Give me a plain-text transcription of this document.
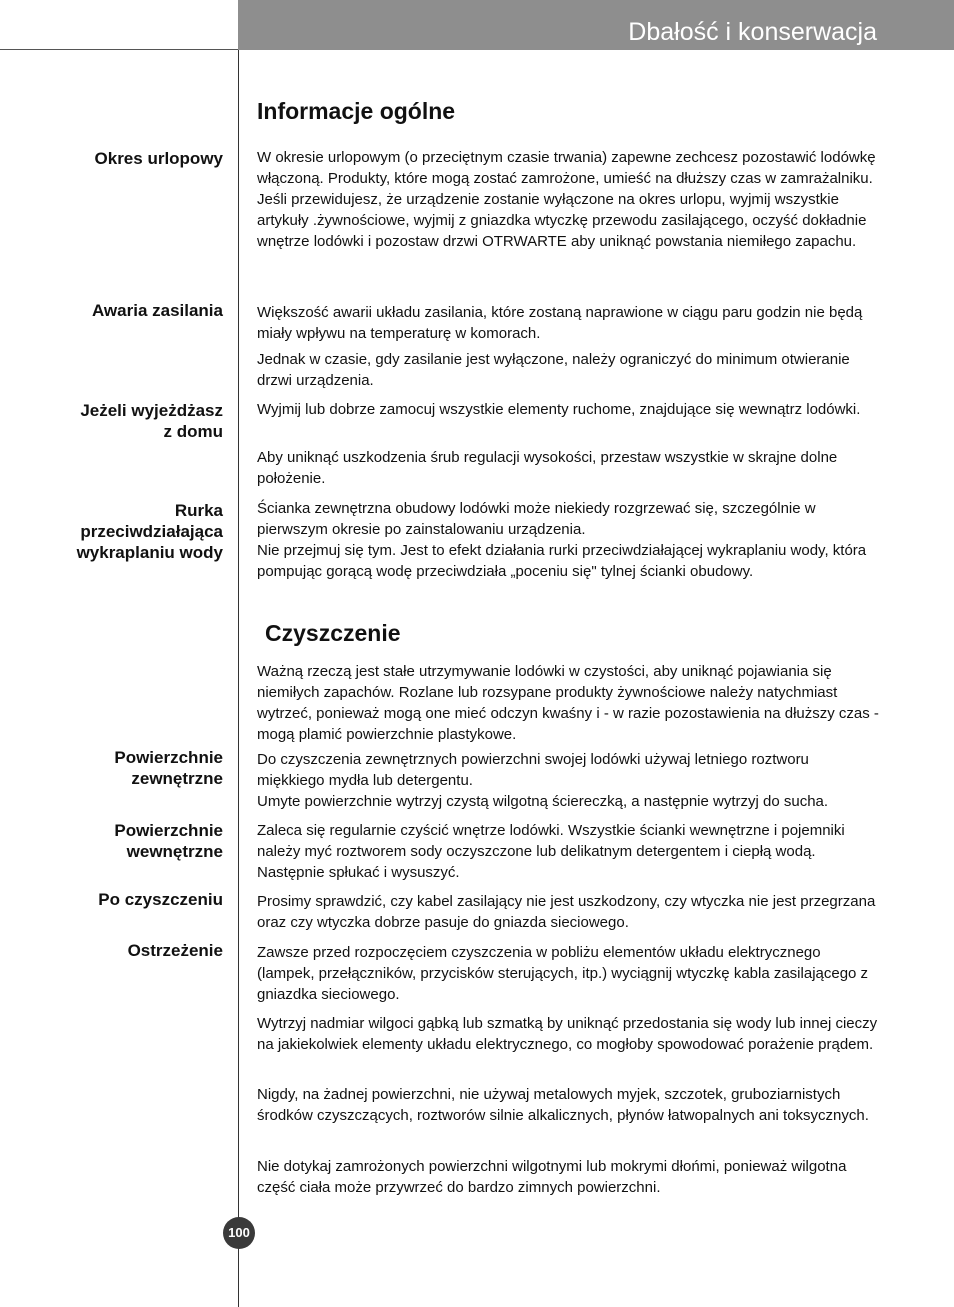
Dbałość i konserwacja
Informacje ogólne
Okres urlopowy W okresie urlopowym (o przeciętnym czasie trwania) zapewne zechcesz pozostawić lodówkę włączoną. Produkty, które mogą zostać zamrożone, umieść na dłuższy czas w zamrażalniku.
Jeśli przewidujesz, że urządzenie zostanie wyłączone na okres urlopu, wyjmij wszystkie artykuły .żywnościowe, wyjmij z gniazdka wtyczkę przewodu zasilającego, oczyść dokładnie wnętrze lodówki i pozostaw drzwi OTRWARTE aby uniknąć powstania niemiłego zapachu.
Awaria zasilania Większość awarii układu zasilania, które zostaną naprawione w ciągu paru godzin nie będą miały wpływu na temperaturę w komorach.
Jednak w czasie, gdy zasilanie jest wyłączone, należy ograniczyć do minimum otwieranie drzwi urządzenia.
Jeżeli wyjeżdżasz
z domu
Wyjmij lub dobrze zamocuj wszystkie elementy ruchome, znajdujące się wewnątrz lodówki.
Aby uniknąć uszkodzenia śrub regulacji wysokości, przestaw wszystkie w skrajne dolne położenie.
Rurka
przeciwdziałająca
wykraplaniu wody
Ścianka zewnętrzna obudowy lodówki może niekiedy rozgrzewać się, szczególnie w pierwszym okresie po zainstalowaniu urządzenia.
Nie przejmuj się tym. Jest to efekt działania rurki przeciwdziałającej wykraplaniu wody, która pompując gorącą wodę przeciwdziała „poceniu się" tylnej ścianki obudowy.
Czyszczenie
Ważną rzeczą jest stałe utrzymywanie lodówki w czystości, aby uniknąć pojawiania się niemiłych zapachów. Rozlane lub rozsypane produkty żywnościowe należy natychmiast wytrzeć, ponieważ mogą one mieć odczyn kwaśny i ‑ w razie pozostawienia na dłuższy czas ‑ mogą plamić powierzchnie plastykowe.
Powierzchnie
zewnętrzne
Do czyszczenia zewnętrznych powierzchni swojej lodówki używaj letniego roztworu miękkiego mydła lub detergentu.
Umyte powierzchnie wytrzyj czystą wilgotną ściereczką, a następnie wytrzyj do sucha.
Powierzchnie
wewnętrzne
Zaleca się regularnie czyścić wnętrze lodówki. Wszystkie ścianki wewnętrzne i pojemniki należy myć roztworem sody oczyszczone lub delikatnym detergentem i ciepłą wodą. Następnie spłukać i wysuszyć.
Po czyszczeniu Prosimy sprawdzić, czy kabel zasilający nie jest uszkodzony, czy wtyczka nie jest przegrzana oraz czy wtyczka dobrze pasuje do gniazda sieciowego.
Ostrzeżenie Zawsze przed rozpoczęciem czyszczenia w pobliżu elementów układu elektrycznego (lampek, przełączników, przycisków sterujących, itp.) wyciągnij wtyczkę kabla zasilającego z gniazdka sieciowego.
Wytrzyj nadmiar wilgoci gąbką lub szmatką by uniknąć przedostania się wody lub innej cieczy na jakiekolwiek elementy układu elektrycznego, co mogłoby spowodować porażenie prądem.
Nigdy, na żadnej powierzchni, nie używaj metalowych myjek, szczotek, gruboziarnistych środków czyszczących, roztworów silnie alkalicznych, płynów łatwopalnych ani toksycznych.
Nie dotykaj zamrożonych powierzchni wilgotnymi lub mokrymi dłońmi, ponieważ wilgotna część ciała może przywrzeć do bardzo zimnych powierzchni.
100
